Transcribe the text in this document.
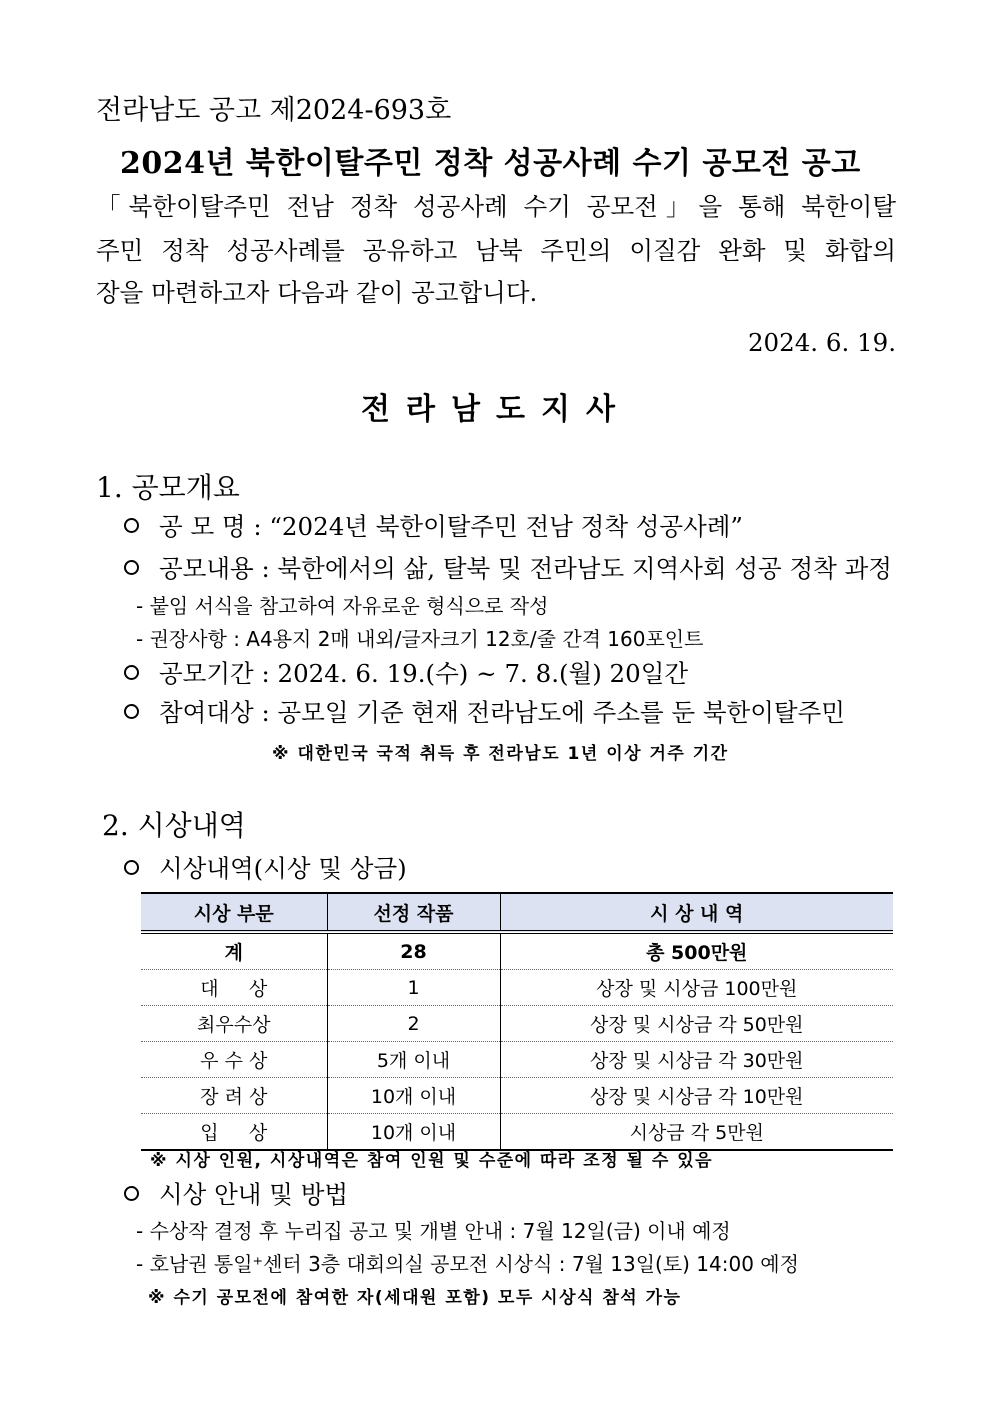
전라남도 공고 제2024-693호
2024년 북한이탈주민 정착 성공사례 수기 공모전 공고
「북한이탈주민 전남 정착 성공사례 수기 공모전」을 통해 북한이탈
주민 정착 성공사례를 공유하고 남북 주민의 이질감 완화 및 화합의
장을 마련하고자 다음과 같이 공고합니다.
2024. 6. 19.
전라남도지사
1. 공모개요
공 모 명 : “2024년 북한이탈주민 전남 정착 성공사례”
공모내용 : 북한에서의 삶, 탈북 및 전라남도 지역사회 성공 정착 과정
- 붙임 서식을 참고하여 자유로운 형식으로 작성
- 권장사항 : A4용지 2매 내외/글자크기 12호/줄 간격 160포인트
공모기간 : 2024. 6. 19.(수) ~ 7. 8.(월) 20일간
참여대상 : 공모일 기준 현재 전라남도에 주소를 둔 북한이탈주민
※ 대한민국 국적 취득 후 전라남도 1년 이상 거주 기간
2. 시상내역
시상내역(시상 및 상금)
시상 부문	선정 작품	시 상 내 역
계	28	총 500만원
대     상	1	상장 및 시상금 100만원
최우수상	2	상장 및 시상금 각 50만원
우 수 상	5개 이내	상장 및 시상금 각 30만원
장 려 상	10개 이내	상장 및 시상금 각 10만원
입     상	10개 이내	시상금 각 5만원
※ 시상 인원, 시상내역은 참여 인원 및 수준에 따라 조정 될 수 있음
시상 안내 및 방법
- 수상작 결정 후 누리집 공고 및 개별 안내 : 7월 12일(금) 이내 예정
- 호남권 통일⁺센터 3층 대회의실 공모전 시상식 : 7월 13일(토) 14:00 예정
※ 수기 공모전에 참여한 자(세대원 포함) 모두 시상식 참석 가능
